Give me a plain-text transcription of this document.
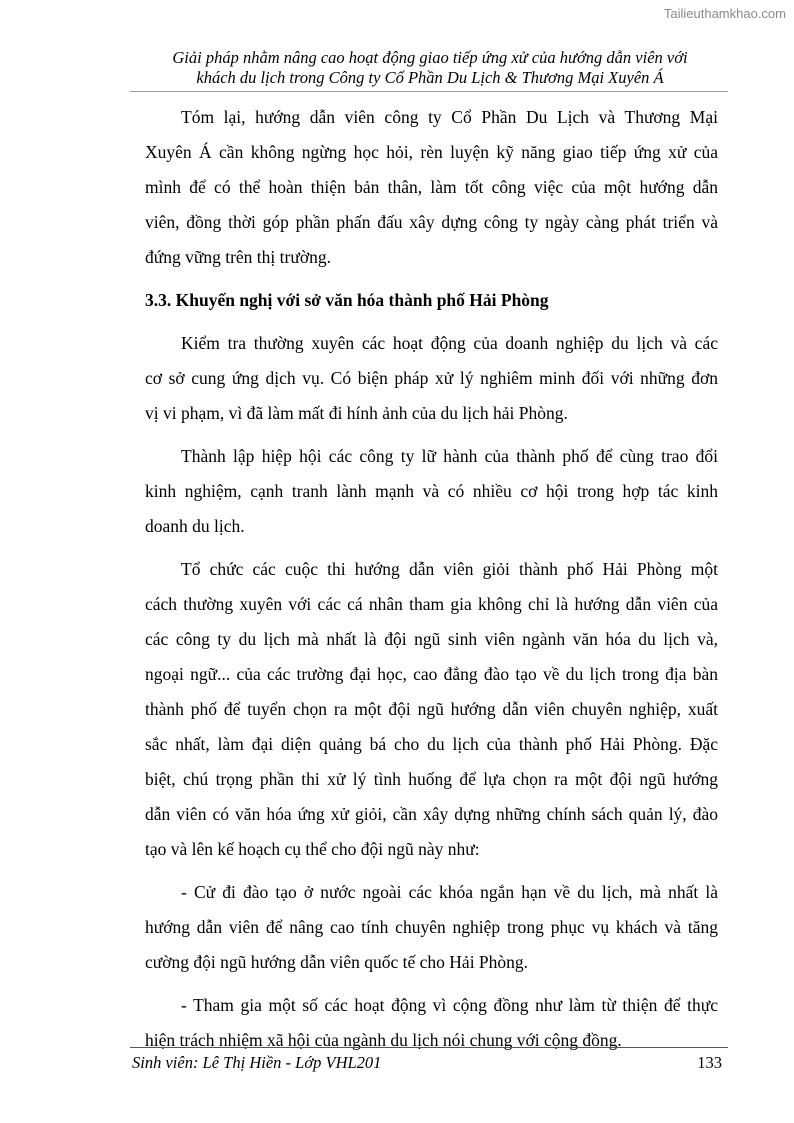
Tailieuthamkhao.com
Giải pháp nhằm nâng cao hoạt động giao tiếp ứng xử của hướng dẫn viên với
khách du lịch trong Công ty Cổ Phần Du Lịch & Thương Mại Xuyên Á
Tóm lại, hướng dẫn viên công ty Cổ Phần Du Lịch và Thương Mại
Xuyên Á cần không ngừng học hỏi, rèn luyện kỹ năng giao tiếp ứng xử của
mình để có thể hoàn thiện bản thân, làm tốt công việc của một hướng dẫn
viên, đồng thời góp phần phấn đấu xây dựng công ty ngày càng phát triển và
đứng vững trên thị trường.
3.3. Khuyến nghị với sở văn hóa thành phố Hải Phòng
Kiểm tra thường xuyên các hoạt động của doanh nghiệp du lịch và các
cơ sở cung ứng dịch vụ. Có biện pháp xử lý nghiêm minh đối với những đơn
vị vi phạm, vì đã làm mất đi hính ảnh của du lịch hải Phòng.
Thành lập hiệp hội các công ty lữ hành của thành phố để cùng trao đổi
kinh nghiệm, cạnh tranh lành mạnh và có nhiều cơ hội trong hợp tác kinh
doanh du lịch.
Tổ chức các cuộc thi hướng dẫn viên giỏi thành phố Hải Phòng một
cách thường xuyên với các cá nhân tham gia không chỉ là hướng dẫn viên của
các công ty du lịch mà nhất là đội ngũ sinh viên ngành văn hóa du lịch và,
ngoại ngữ... của các trường đại học, cao đẳng đào tạo về du lịch trong địa bàn
thành phố để tuyển chọn ra một đội ngũ hướng dẫn viên chuyên nghiệp, xuất
sắc nhất, làm đại diện quảng bá cho du lịch của thành phố Hải Phòng. Đặc
biệt, chú trọng phần thi xử lý tình huống để lựa chọn ra một đội ngũ hướng
dẫn viên có văn hóa ứng xử giỏi, cần xây dựng những chính sách quản lý, đào
tạo và lên kế hoạch cụ thể cho đội ngũ này như:
- Cử đi đào tạo ở nước ngoài các khóa ngắn hạn về du lịch, mà nhất là
hướng dẫn viên để nâng cao tính chuyên nghiệp trong phục vụ khách và tăng
cường đội ngũ hướng dẫn viên quốc tế cho Hải Phòng.
- Tham gia một số các hoạt động vì cộng đồng như làm từ thiện để thực
hiện trách nhiệm xã hội của ngành du lịch nói chung với cộng đồng.
Sinh viên: Lê Thị Hiền - Lớp VHL201	133
